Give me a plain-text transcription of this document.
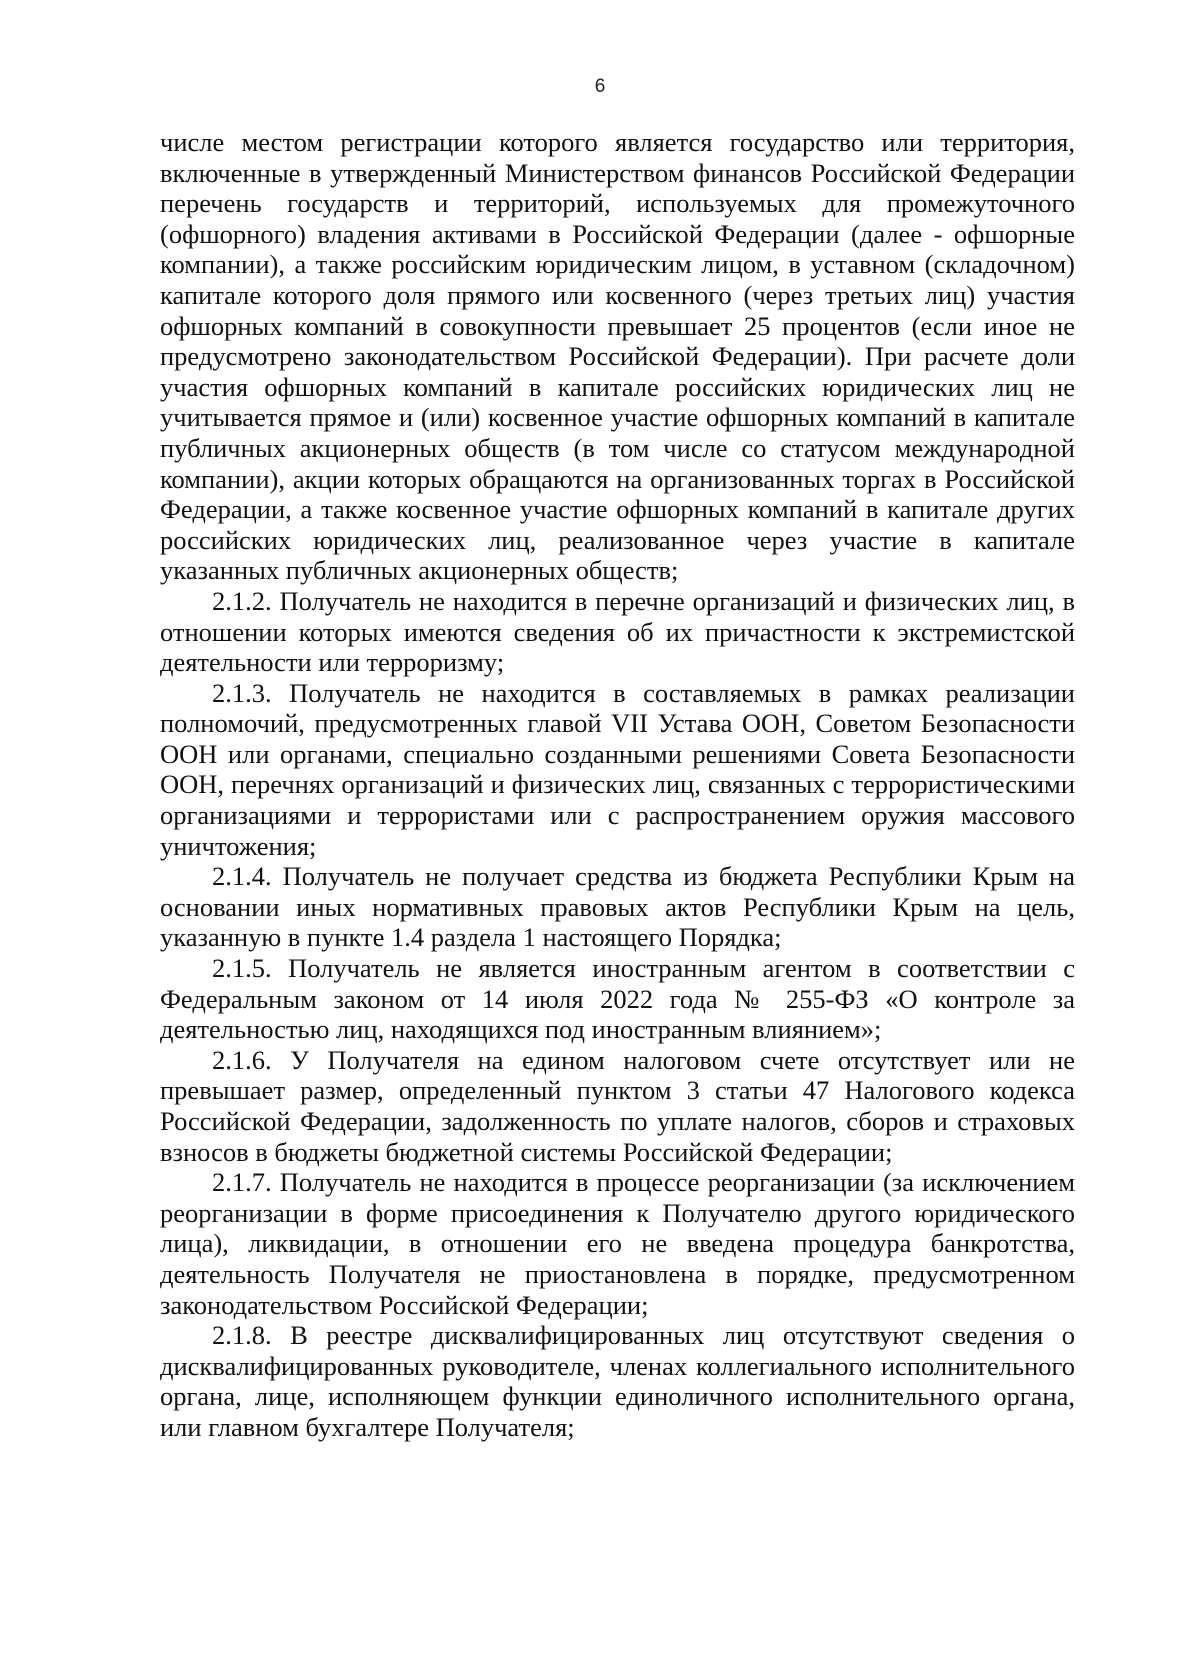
6

числе местом регистрации которого является государство или территория, включенные в утвержденный Министерством финансов Российской Федерации перечень государств и территорий, используемых для промежуточного (офшорного) владения активами в Российской Федерации (далее - офшорные компании), а также российским юридическим лицом, в уставном (складочном) капитале которого доля прямого или косвенного (через третьих лиц) участия офшорных компаний в совокупности превышает 25 процентов (если иное не предусмотрено законодательством Российской Федерации). При расчете доли участия офшорных компаний в капитале российских юридических лиц не учитывается прямое и (или) косвенное участие офшорных компаний в капитале публичных акционерных обществ (в том числе со статусом международной компании), акции которых обращаются на организованных торгах в Российской Федерации, а также косвенное участие офшорных компаний в капитале других российских юридических лиц, реализованное через участие в капитале указанных публичных акционерных обществ;

2.1.2. Получатель не находится в перечне организаций и физических лиц, в отношении которых имеются сведения об их причастности к экстремистской деятельности или терроризму;

2.1.3. Получатель не находится в составляемых в рамках реализации полномочий, предусмотренных главой VII Устава ООН, Советом Безопасности ООН или органами, специально созданными решениями Совета Безопасности ООН, перечнях организаций и физических лиц, связанных с террористическими организациями и террористами или с распространением оружия массового уничтожения;

2.1.4. Получатель не получает средства из бюджета Республики Крым на основании иных нормативных правовых актов Республики Крым на цель, указанную в пункте 1.4 раздела 1 настоящего Порядка;

2.1.5. Получатель не является иностранным агентом в соответствии с Федеральным законом от 14 июля 2022 года № 255-ФЗ «О контроле за деятельностью лиц, находящихся под иностранным влиянием»;

2.1.6. У Получателя на едином налоговом счете отсутствует или не превышает размер, определенный пунктом 3 статьи 47 Налогового кодекса Российской Федерации, задолженность по уплате налогов, сборов и страховых взносов в бюджеты бюджетной системы Российской Федерации;

2.1.7. Получатель не находится в процессе реорганизации (за исключением реорганизации в форме присоединения к Получателю другого юридического лица), ликвидации, в отношении его не введена процедура банкротства, деятельность Получателя не приостановлена в порядке, предусмотренном законодательством Российской Федерации;

2.1.8. В реестре дисквалифицированных лиц отсутствуют сведения о дисквалифицированных руководителе, членах коллегиального исполнительного органа, лице, исполняющем функции единоличного исполнительного органа, или главном бухгалтере Получателя;
